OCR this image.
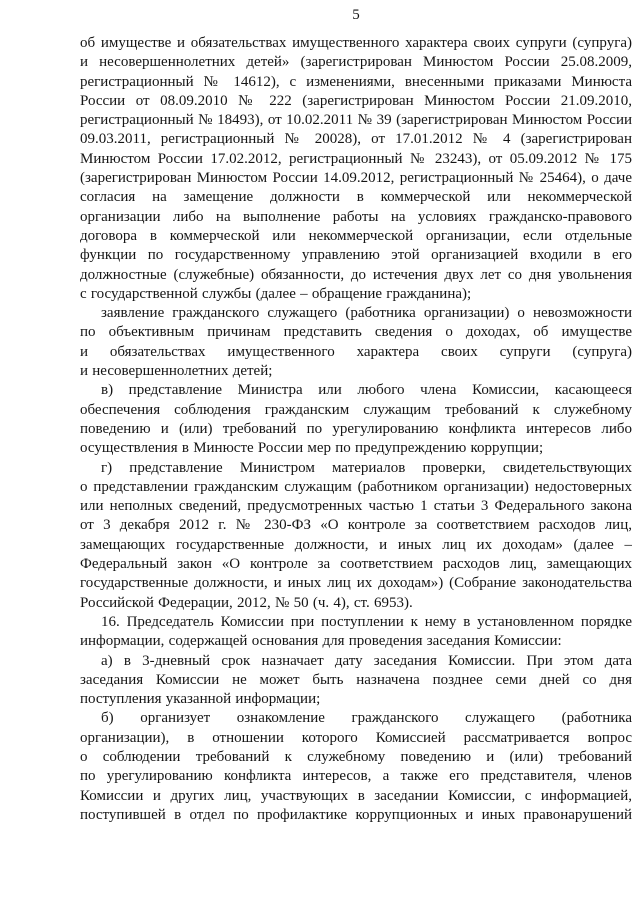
5
об имуществе и обязательствах имущественного характера своих супруги (супруга)
и несовершеннолетних детей» (зарегистрирован Минюстом России 25.08.2009,
регистрационный № 14612), с изменениями, внесенными приказами Минюста
России от 08.09.2010 № 222 (зарегистрирован Минюстом России 21.09.2010,
регистрационный № 18493), от 10.02.2011 № 39 (зарегистрирован Минюстом России
09.03.2011, регистрационный № 20028), от 17.01.2012 № 4 (зарегистрирован
Минюстом России 17.02.2012, регистрационный № 23243), от 05.09.2012 № 175
(зарегистрирован Минюстом России 14.09.2012, регистрационный № 25464), о даче
согласия на замещение должности в коммерческой или некоммерческой
организации либо на выполнение работы на условиях гражданско-правового
договора в коммерческой или некоммерческой организации, если отдельные
функции по государственному управлению этой организацией входили в его
должностные (служебные) обязанности, до истечения двух лет со дня увольнения
с государственной службы (далее – обращение гражданина);
заявление гражданского служащего (работника организации) о невозможности
по объективным причинам представить сведения о доходах, об имуществе
и обязательствах имущественного характера своих супруги (супруга)
и несовершеннолетних детей;
в) представление Министра или любого члена Комиссии, касающееся
обеспечения соблюдения гражданским служащим требований к служебному
поведению и (или) требований по урегулированию конфликта интересов либо
осуществления в Минюсте России мер по предупреждению коррупции;
г) представление Министром материалов проверки, свидетельствующих
о представлении гражданским служащим (работником организации) недостоверных
или неполных сведений, предусмотренных частью 1 статьи 3 Федерального закона
от 3 декабря 2012 г. № 230-ФЗ «О контроле за соответствием расходов лиц,
замещающих государственные должности, и иных лиц их доходам» (далее –
Федеральный закон «О контроле за соответствием расходов лиц, замещающих
государственные должности, и иных лиц их доходам») (Собрание законодательства
Российской Федерации, 2012, № 50 (ч. 4), ст. 6953).
16. Председатель Комиссии при поступлении к нему в установленном порядке
информации, содержащей основания для проведения заседания Комиссии:
а) в 3-дневный срок назначает дату заседания Комиссии. При этом дата
заседания Комиссии не может быть назначена позднее семи дней со дня
поступления указанной информации;
б) организует ознакомление гражданского служащего (работника
организации), в отношении которого Комиссией рассматривается вопрос
о соблюдении требований к служебному поведению и (или) требований
по урегулированию конфликта интересов, а также его представителя, членов
Комиссии и других лиц, участвующих в заседании Комиссии, с информацией,
поступившей в отдел по профилактике коррупционных и иных правонарушений
